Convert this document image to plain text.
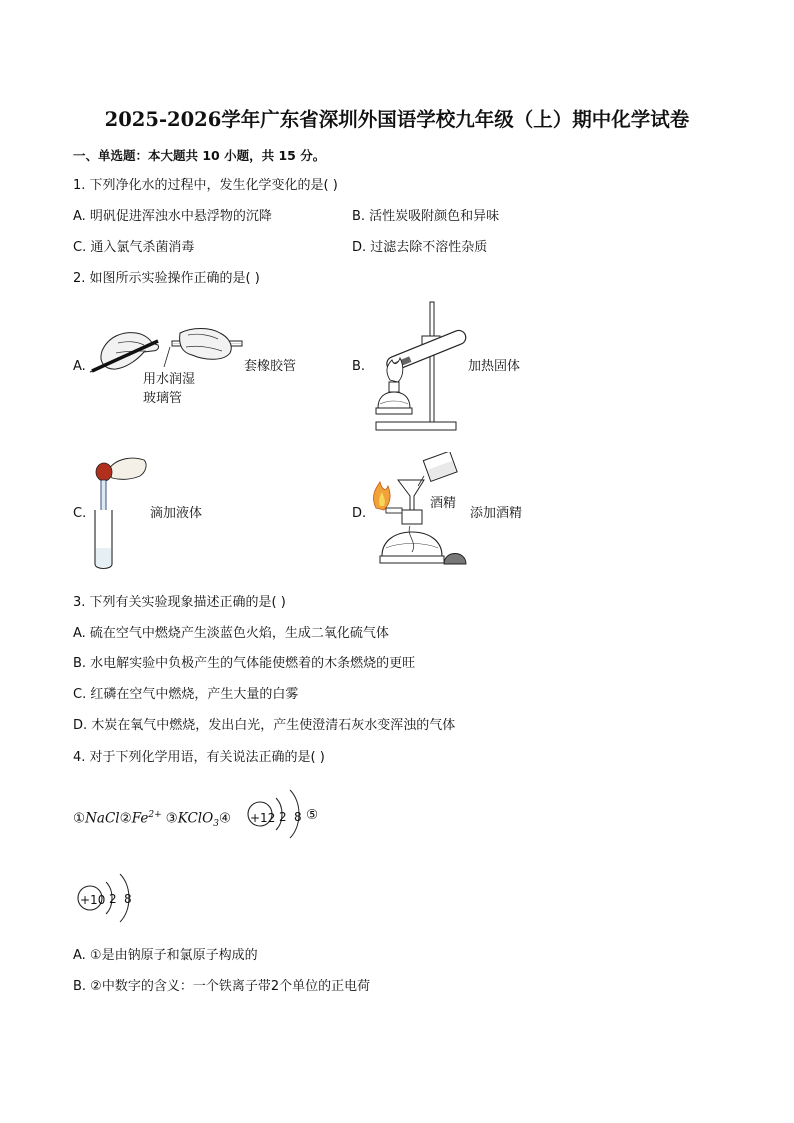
2025-2026学年广东省深圳外国语学校九年级（上）期中化学试卷
一、单选题：本大题共 10 小题，共 15 分。
1. 下列净化水的过程中，发生化学变化的是( )
A. 明矾促进浑浊水中悬浮物的沉降	B. 活性炭吸附颜色和异味
C. 通入氯气杀菌消毒	D. 过滤去除不溶性杂质
2. 如图所示实验操作正确的是( )
A.
用水润湿
玻璃管
套橡胶管	B.	加热固体
C.	滴加液体	D.
酒精
添加酒精
3. 下列有关实验现象描述正确的是( )
A. 硫在空气中燃烧产生淡蓝色火焰，生成二氧化硫气体
B. 水电解实验中负极产生的气体能使燃着的木条燃烧的更旺
C. 红磷在空气中燃烧，产生大量的白雾
D. 木炭在氧气中燃烧，发出白光，产生使澄清石灰水变浑浊的气体
4. 对于下列化学用语，有关说法正确的是( )
$①NaCl②Fe^{2+}$ ③KClO$_3$④ +12 2 8 ⑤
+10 2 8
A. ①是由钠原子和氯原子构成的
B. ②中数字的含义：一个铁离子带2个单位的正电荷
